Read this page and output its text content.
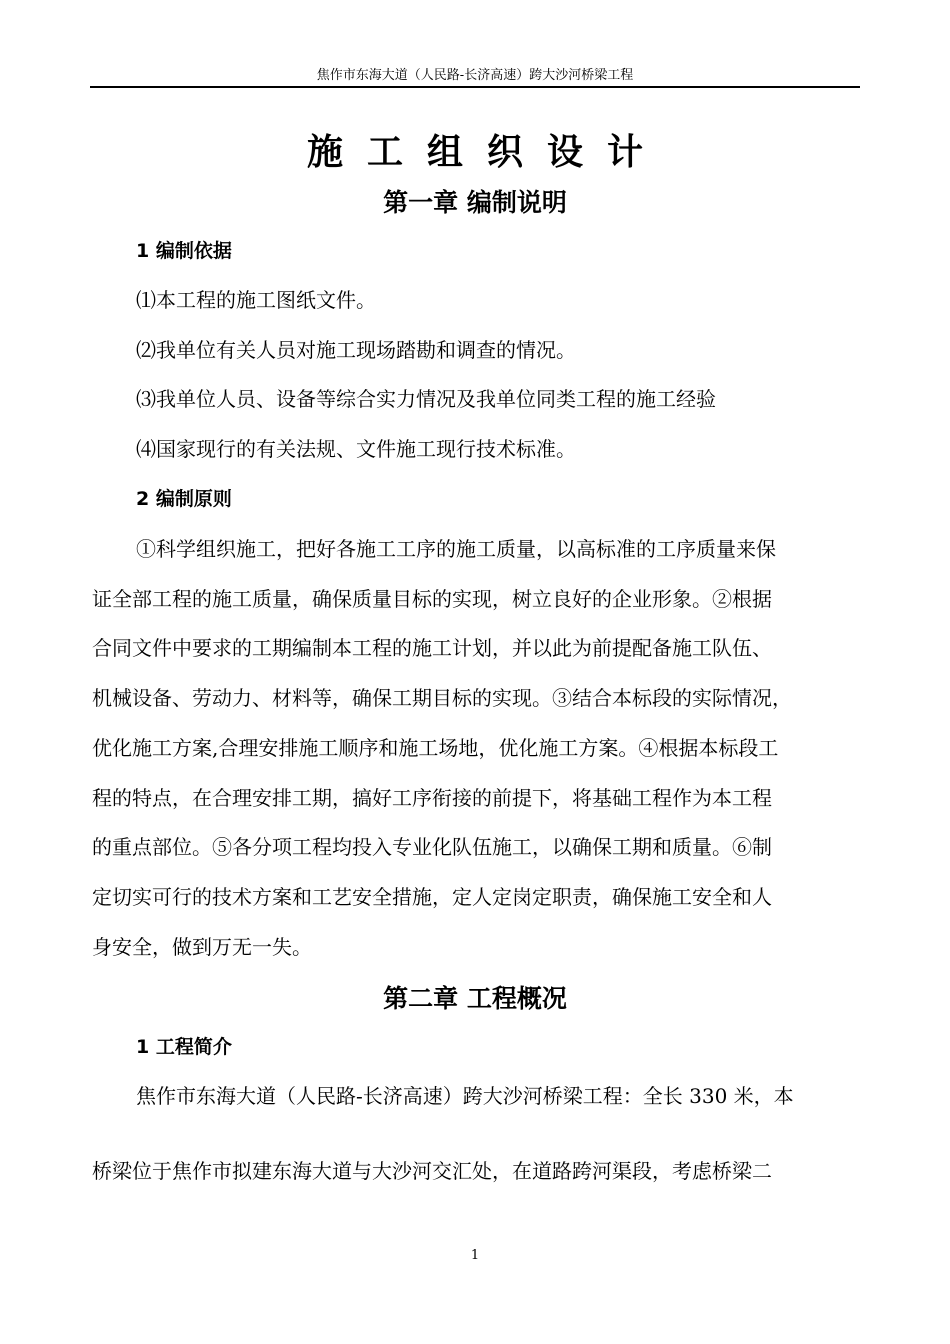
焦作市东海大道（人民路-长济高速）跨大沙河桥梁工程
施 工 组 织 设 计
第一章 编制说明
1 编制依据
⑴本工程的施工图纸文件。
⑵我单位有关人员对施工现场踏勘和调查的情况。
⑶我单位人员、设备等综合实力情况及我单位同类工程的施工经验
⑷国家现行的有关法规、文件施工现行技术标准。
2 编制原则
①科学组织施工，把好各施工工序的施工质量，以高标准的工序质量来保
证全部工程的施工质量，确保质量目标的实现，树立良好的企业形象。②根据
合同文件中要求的工期编制本工程的施工计划，并以此为前提配备施工队伍、
机械设备、劳动力、材料等，确保工期目标的实现。③结合本标段的实际情况，
优化施工方案,合理安排施工顺序和施工场地，优化施工方案。④根据本标段工
程的特点，在合理安排工期，搞好工序衔接的前提下，将基础工程作为本工程
的重点部位。⑤各分项工程均投入专业化队伍施工，以确保工期和质量。⑥制
定切实可行的技术方案和工艺安全措施，定人定岗定职责，确保施工安全和人
身安全，做到万无一失。
第二章 工程概况
1 工程简介
焦作市东海大道（人民路-长济高速）跨大沙河桥梁工程：全长 330 米，本
桥梁位于焦作市拟建东海大道与大沙河交汇处，在道路跨河渠段，考虑桥梁二
1
